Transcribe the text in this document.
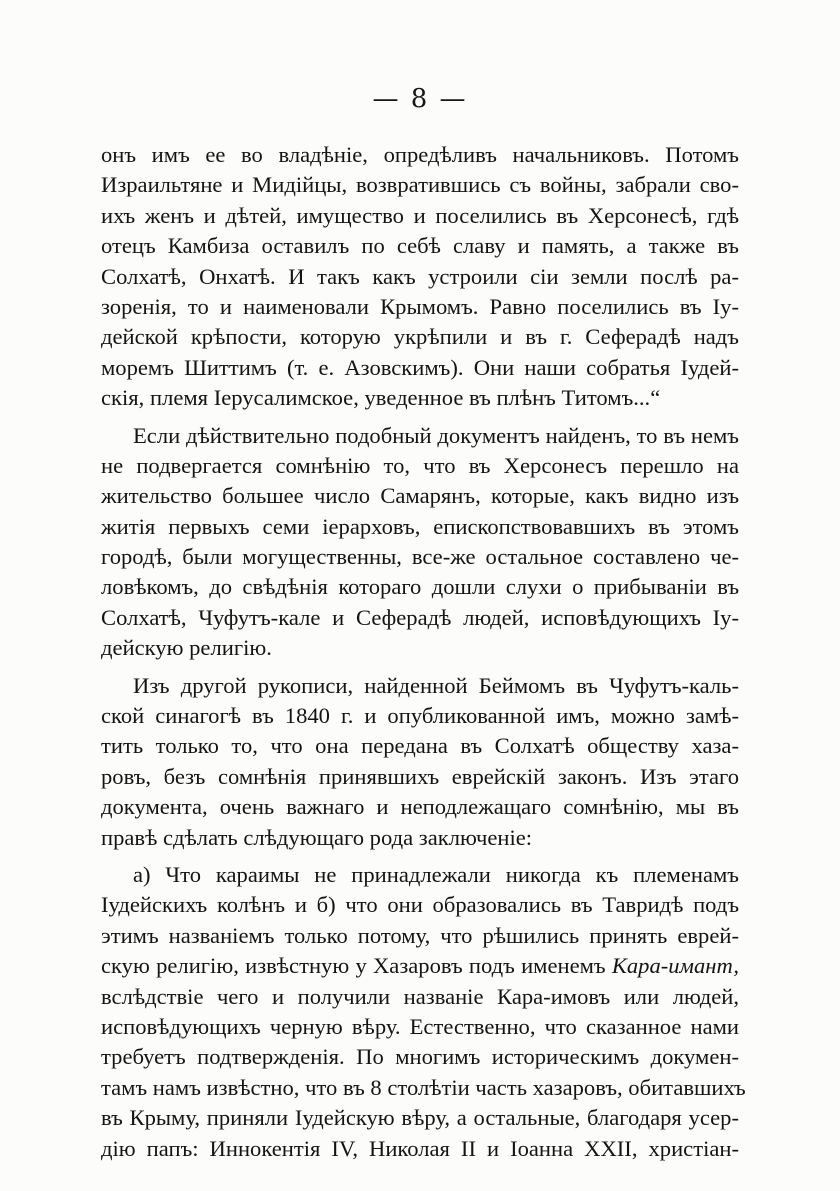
— 8 —
онъ имъ ее во владѣніе, опредѣливъ начальниковъ. Потомъ
Израильтяне и Мидійцы, возвратившись съ войны, забрали сво-
ихъ женъ и дѣтей, имущество и поселились въ Херсонесѣ, гдѣ
отецъ Камбиза оставилъ по себѣ славу и память, а также въ
Солхатѣ, Онхатѣ. И такъ какъ устроили сіи земли послѣ ра-
зоренія, то и наименовали Крымомъ. Равно поселились въ Іу-
дейской крѣпости, которую укрѣпили и въ г. Сеферадѣ надъ
моремъ Шиттимъ (т. е. Азовскимъ). Они наши собратья Іудей-
скія, племя Іерусалимское, уведенное въ плѣнъ Титомъ...“
Если дѣйствительно подобный документъ найденъ, то въ немъ
не подвергается сомнѣнію то, что въ Херсонесъ перешло на
жительство большее число Самарянъ, которые, какъ видно изъ
житія первыхъ семи іерарховъ, епископствовавшихъ въ этомъ
городѣ, были могущественны, все-же остальное составлено че-
ловѣкомъ, до свѣдѣнія котораго дошли слухи о прибываніи въ
Солхатѣ, Чуфутъ-кале и Сеферадѣ людей, исповѣдующихъ Іу-
дейскую религію.
Изъ другой рукописи, найденной Беймомъ въ Чуфутъ-каль-
ской синагогѣ въ 1840 г. и опубликованной имъ, можно замѣ-
тить только то, что она передана въ Солхатѣ обществу хаза-
ровъ, безъ сомнѣнія принявшихъ еврейскій законъ. Изъ этаго
документа, очень важнаго и неподлежащаго сомнѣнію, мы въ
правѣ сдѣлать слѣдующаго рода заключеніе:
а) Что караимы не принадлежали никогда къ племенамъ
Іудейскихъ колѣнъ и б) что они образовались въ Тавридѣ подъ
этимъ названіемъ только потому, что рѣшились принять еврей-
скую религію, извѣстную у Хазаровъ подъ именемъ Кара-имант,
вслѣдствіе чего и получили названіе Кара-имовъ или людей,
исповѣдующихъ черную вѣру. Естественно, что сказанное нами
требуетъ подтвержденія. По многимъ историческимъ докумен-
тамъ намъ извѣстно, что въ 8 столѣтіи часть хазаровъ, обитавшихъ
въ Крыму, приняли Іудейскую вѣру, а остальные, благодаря усер-
дію папъ: Иннокентія IV, Николая II и Іоанна XXII, христіан-
